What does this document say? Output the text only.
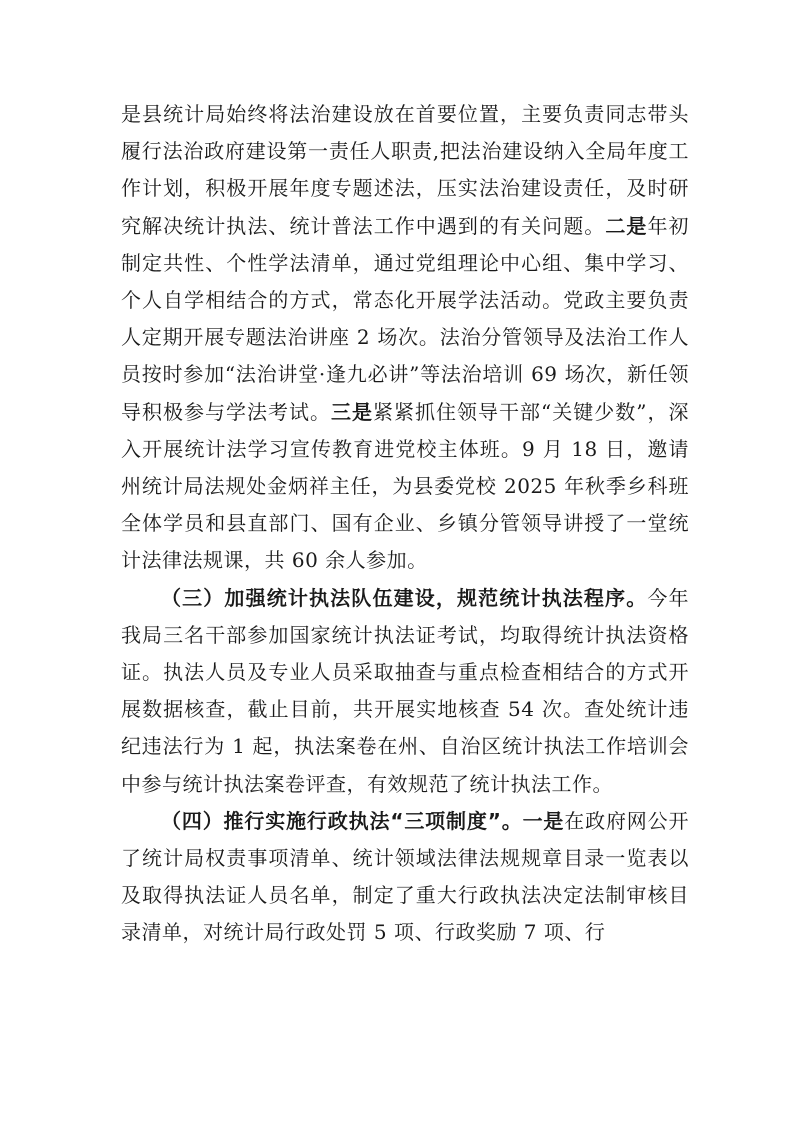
是县统计局始终将法治建设放在首要位置，主要负责同志带头履行法治政府建设第一责任人职责,把法治建设纳入全局年度工作计划，积极开展年度专题述法，压实法治建设责任，及时研究解决统计执法、统计普法工作中遇到的有关问题。二是年初制定共性、个性学法清单，通过党组理论中心组、集中学习、个人自学相结合的方式，常态化开展学法活动。党政主要负责人定期开展专题法治讲座 2 场次。法治分管领导及法治工作人员按时参加“法治讲堂·逢九必讲”等法治培训 69 场次，新任领导积极参与学法考试。三是紧紧抓住领导干部“关键少数”，深入开展统计法学习宣传教育进党校主体班。9 月 18 日，邀请州统计局法规处金炳祥主任，为县委党校 2025 年秋季乡科班全体学员和县直部门、国有企业、乡镇分管领导讲授了一堂统计法律法规课，共 60 余人参加。

（三）加强统计执法队伍建设，规范统计执法程序。今年我局三名干部参加国家统计执法证考试，均取得统计执法资格证。执法人员及专业人员采取抽查与重点检查相结合的方式开展数据核查，截止目前，共开展实地核查 54 次。查处统计违纪违法行为 1 起，执法案卷在州、自治区统计执法工作培训会中参与统计执法案卷评查，有效规范了统计执法工作。

（四）推行实施行政执法“三项制度”。一是在政府网公开了统计局权责事项清单、统计领域法律法规规章目录一览表以及取得执法证人员名单，制定了重大行政执法决定法制审核目录清单，对统计局行政处罚 5 项、行政奖励 7 项、行
